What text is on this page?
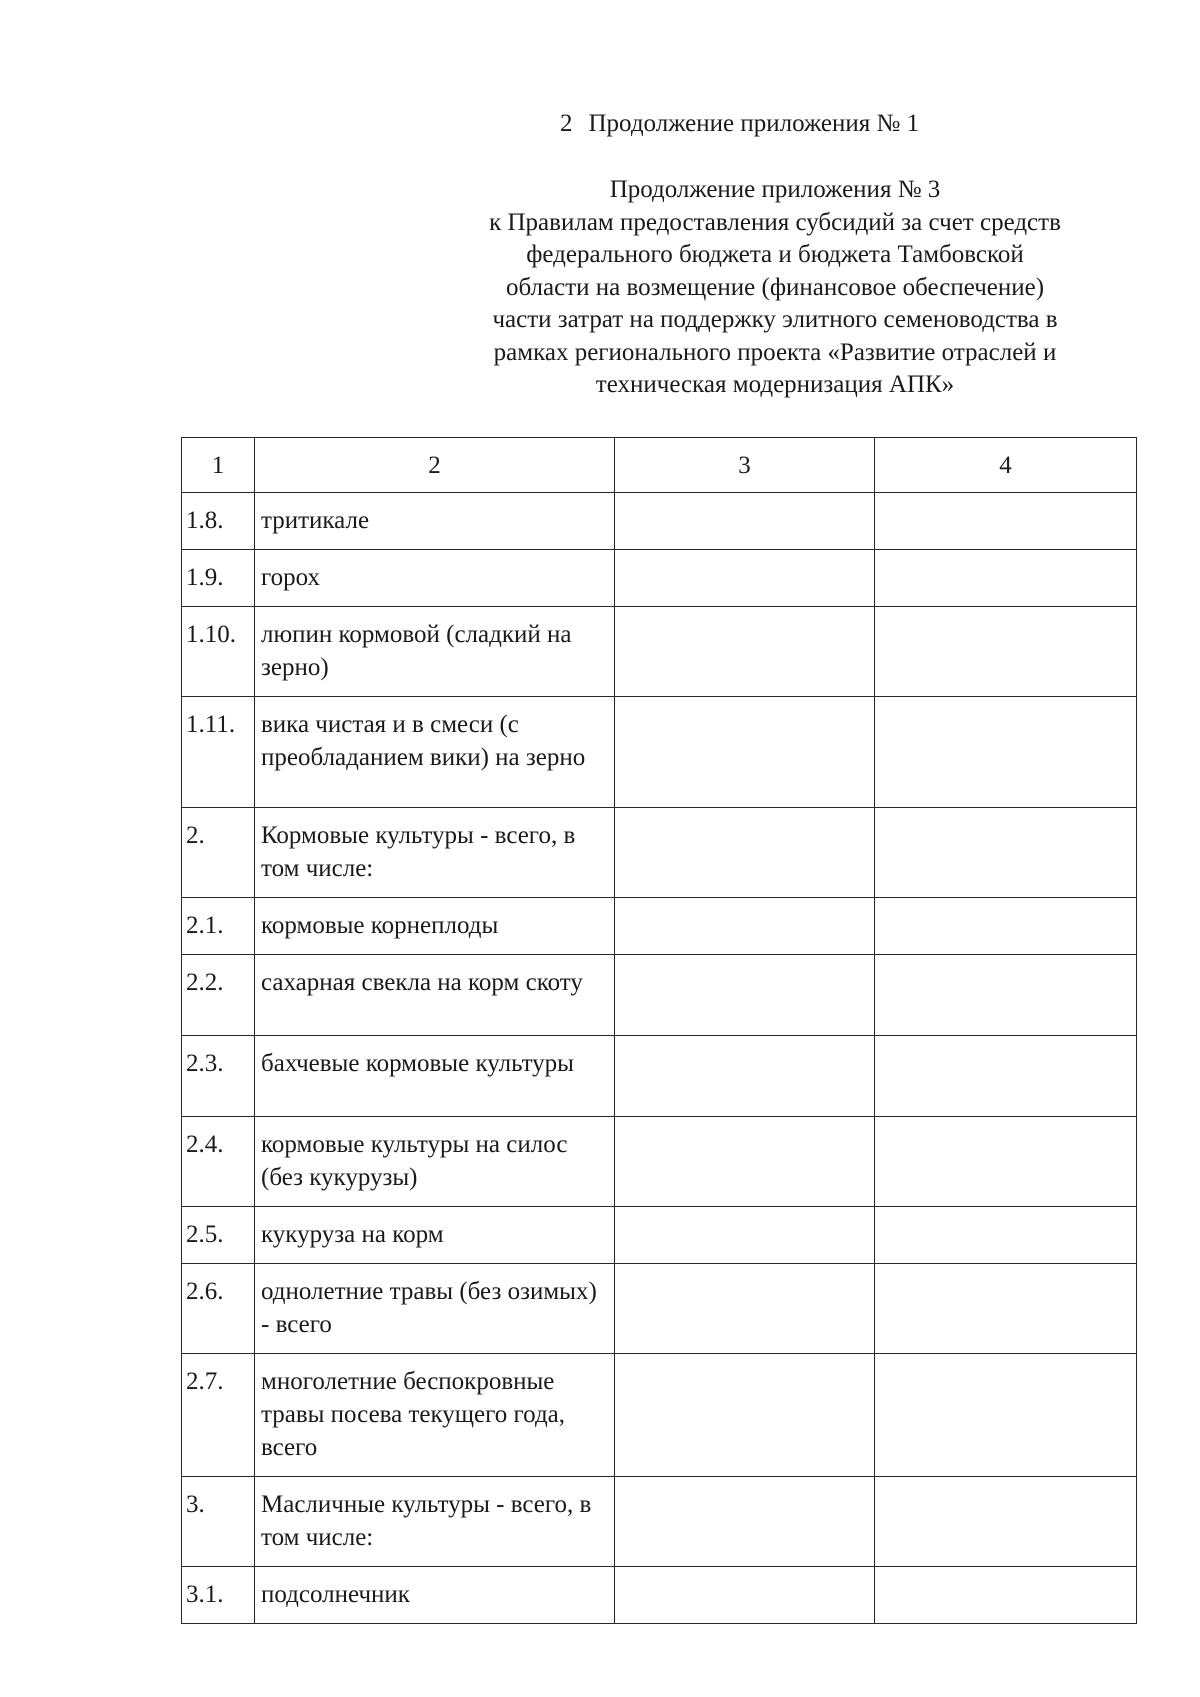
2 Продолжение приложения № 1
Продолжение приложения № 3
к Правилам предоставления субсидий за счет средств
федерального бюджета и бюджета Тамбовской
области на возмещение (финансовое обеспечение)
части затрат на поддержку элитного семеноводства в
рамках регионального проекта «Развитие отраслей и
техническая модернизация АПК»
1	2	3	4
1.8.	тритикале		
1.9.	горох		
1.10.	люпин кормовой (сладкий на зерно)		
1.11.	вика чистая и в смеси (с преобладанием вики) на зерно		
2.	Кормовые культуры - всего, в том числе:		
2.1.	кормовые корнеплоды		
2.2.	сахарная свекла на корм скоту		
2.3.	бахчевые кормовые культуры		
2.4.	кормовые культуры на силос (без кукурузы)		
2.5.	кукуруза на корм		
2.6.	однолетние травы (без озимых) - всего		
2.7.	многолетние беспокровные травы посева текущего года, всего		
3.	Масличные культуры - всего, в том числе:		
3.1.	подсолнечник		
